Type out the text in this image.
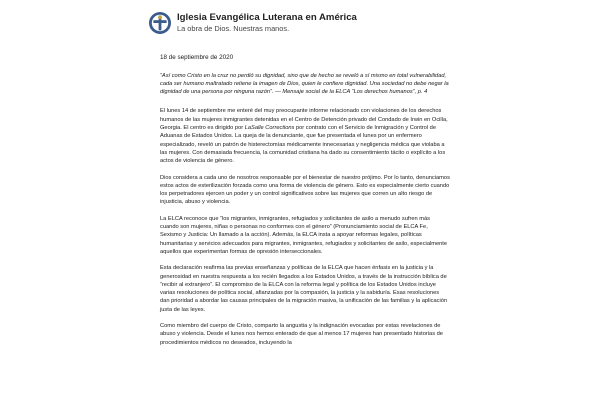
Iglesia Evangélica Luterana en América
La obra de Dios. Nuestras manos.

18 de septiembre de 2020

“Así como Cristo en la cruz no perdió su dignidad, sino que de hecho se reveló a sí mismo en total vulnerabilidad, cada ser humano maltratado retiene la imagen de Dios, quien le confiere dignidad. Una sociedad no debe negar la dignidad de una persona por ninguna razón”. — Mensaje social de la ELCA “Los derechos humanos”, p. 4

El lunes 14 de septiembre me enteré del muy preocupante informe relacionado con violaciones de los derechos humanos de las mujeres inmigrantes detenidas en el Centro de Detención privado del Condado de Irwin en Ocilla, Georgia. El centro es dirigido por LaSalle Corrections por contrato con el Servicio de Inmigración y Control de Aduanas de Estados Unidos. La queja de la denunciante, que fue presentada el lunes por un enfermero especializado, reveló un patrón de histerectomías médicamente innecesarias y negligencia médica que violaba a las mujeres. Con demasiada frecuencia, la comunidad cristiana ha dado su consentimiento tácito o explícito a los actos de violencia de género.

Dios considera a cada uno de nosotros responsable por el bienestar de nuestro prójimo. Por lo tanto, denunciamos estos actos de esterilización forzada como una forma de violencia de género. Esto es especialmente cierto cuando los perpetradores ejercen un poder y un control significativos sobre las mujeres que corren un alto riesgo de injusticia, abuso y violencia.

La ELCA reconoce que “los migrantes, inmigrantes, refugiados y solicitantes de asilo a menudo sufren más cuando son mujeres, niñas o personas no conformes con el género” (Pronunciamiento social de ELCA Fe, Sexismo y Justicia: Un llamado a la acción). Además, la ELCA insta a apoyar reformas legales, políticas humanitarias y servicios adecuados para migrantes, inmigrantes, refugiados y solicitantes de asilo, especialmente aquellos que experimentan formas de opresión interseccionales.

Esta declaración reafirma las previas enseñanzas y políticas de la ELCA que hacen énfasis en la justicia y la generosidad en nuestra respuesta a los recién llegados a los Estados Unidos, a través de la instrucción bíblica de “recibir al extranjero”. El compromiso de la ELCA con la reforma legal y política de los Estados Unidos incluye varias resoluciones de política social, afianzadas por la compasión, la justicia y la sabiduría. Esas resoluciones dan prioridad a abordar las causas principales de la migración masiva, la unificación de las familias y la aplicación justa de las leyes.

Como miembro del cuerpo de Cristo, comparto la angustia y la indignación evocadas por estas revelaciones de abuso y violencia. Desde el lunes nos hemos enterado de que al menos 17 mujeres han presentado historias de procedimientos médicos no deseados, incluyendo la
